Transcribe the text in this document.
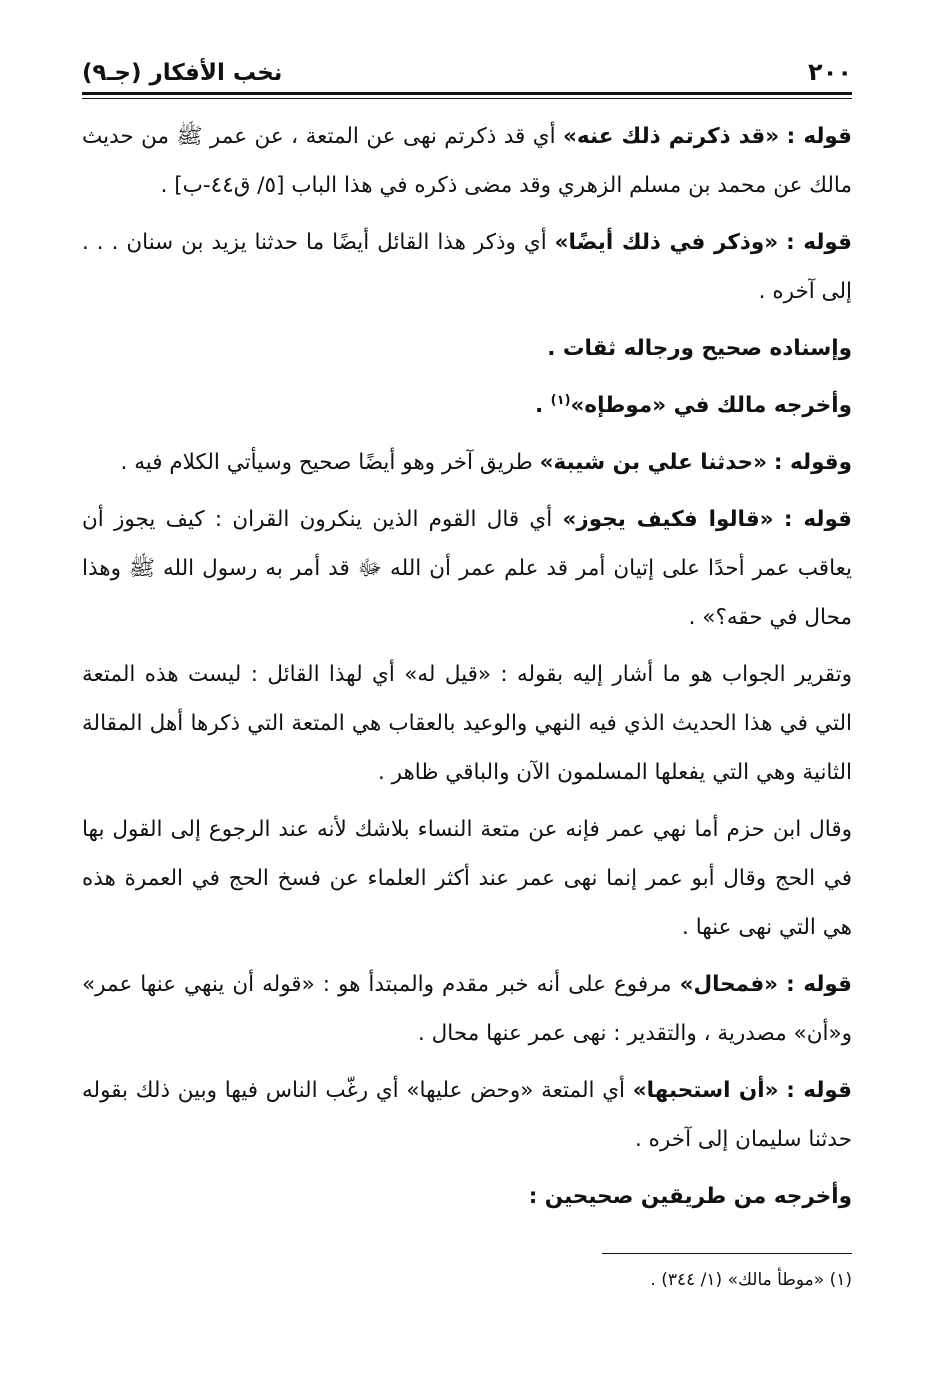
٢٠٠
نخب الأفكار (جـ٩)

قوله : «قد ذكرتم ذلك عنه» أي قد ذكرتم نهى عن المتعة ، عن عمر ﷺ من حديث مالك عن محمد بن مسلم الزهري وقد مضى ذكره في هذا الباب [٥/ ق٤٤-ب] .

قوله : «وذكر في ذلك أيضًا» أي وذكر هذا القائل أيضًا ما حدثنا يزيد بن سنان . . . إلى آخره .

وإسناده صحيح ورجاله ثقات .

وأخرجه مالك في «موطإه»$^{(١)}$ .

وقوله : «حدثنا علي بن شيبة» طريق آخر وهو أيضًا صحيح وسيأتي الكلام فيه .

قوله : «قالوا فكيف يجوز» أي قال القوم الذين ينكرون القران : كيف يجوز أن يعاقب عمر أحدًا على إتيان أمر قد علم عمر أن الله ﷻ قد أمر به رسول الله ﷺ وهذا محال في حقه؟» .

وتقرير الجواب هو ما أشار إليه بقوله : «قيل له» أي لهذا القائل : ليست هذه المتعة التي في هذا الحديث الذي فيه النهي والوعيد بالعقاب هي المتعة التي ذكرها أهل المقالة الثانية وهي التي يفعلها المسلمون الآن والباقي ظاهر .

وقال ابن حزم أما نهي عمر فإنه عن متعة النساء بلاشك لأنه عند الرجوع إلى القول بها في الحج وقال أبو عمر إنما نهى عمر عند أكثر العلماء عن فسخ الحج في العمرة هذه هي التي نهى عنها .

قوله : «فمحال» مرفوع على أنه خبر مقدم والمبتدأ هو : «قوله أن ينهي عنها عمر» و«أن» مصدرية ، والتقدير : نهى عمر عنها محال .

قوله : «أن استحبها» أي المتعة «وحض عليها» أي رغّب الناس فيها وبين ذلك بقوله حدثنا سليمان إلى آخره .

وأخرجه من طريقين صحيحين :

(١) «موطأ مالك» (١/ ٣٤٤) .
